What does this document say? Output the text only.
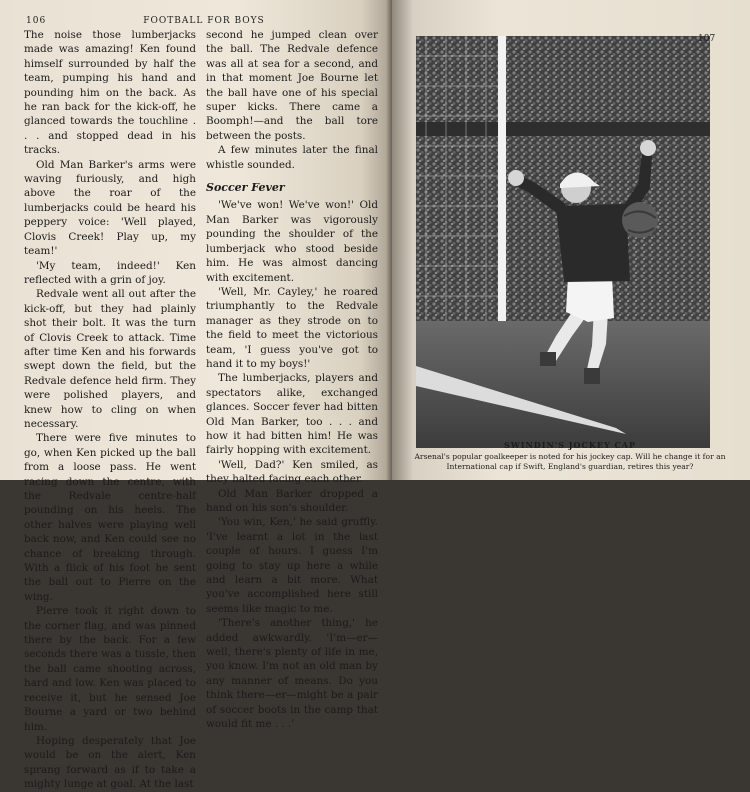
106	FOOTBALL FOR BOYS

The noise those lumberjacks made was amazing! Ken found himself surrounded by half the team, pumping his hand and pounding him on the back. As he ran back for the kick-off, he glanced towards the touchline . . . and stopped dead in his tracks.

Old Man Barker's arms were waving furiously, and high above the roar of the lumberjacks could be heard his peppery voice: 'Well played, Clovis Creek! Play up, my team!'

'My team, indeed!' Ken reflected with a grin of joy.

Redvale went all out after the kick-off, but they had plainly shot their bolt. It was the turn of Clovis Creek to attack. Time after time Ken and his forwards swept down the field, but the Redvale defence held firm. They were polished players, and knew how to cling on when necessary.

There were five minutes to go, when Ken picked up the ball from a loose pass. He went racing down the centre, with the Redvale centre-half pounding on his heels. The other halves were playing well back now, and Ken could see no chance of breaking through. With a flick of his foot he sent the ball out to Pierre on the wing.

Pierre took it right down to the corner flag, and was pinned there by the back. For a few seconds there was a tussle, then the ball came shooting across, hard and low. Ken was placed to receive it, but he sensed Joe Bourne a yard or two behind him.

Hoping desperately that Joe would be on the alert, Ken sprang forward as if to take a mighty lunge at goal. At the last

second he jumped clean over the ball. The Redvale defence was all at sea for a second, and in that moment Joe Bourne let the ball have one of his special super kicks. There came a Boomph!—and the ball tore between the posts.

A few minutes later the final whistle sounded.

Soccer Fever

'We've won! We've won!' Old Man Barker was vigorously pounding the shoulder of the lumberjack who stood beside him. He was almost dancing with excitement.

'Well, Mr. Cayley,' he roared triumphantly to the Redvale manager as they strode on to the field to meet the victorious team, 'I guess you've got to hand it to my boys!'

The lumberjacks, players and spectators alike, exchanged glances. Soccer fever had bitten Old Man Barker, too . . . and how it had bitten him! He was fairly hopping with excitement.

'Well, Dad?' Ken smiled, as they halted facing each other.

Old Man Barker dropped a hand on his son's shoulder.

'You win, Ken,' he said gruffly. 'I've learnt a lot in the last couple of hours. I guess I'm going to stay up here a while and learn a bit more. What you've accomplished here still seems like magic to me.

'There's another thing,' he added awkwardly. 'I'm—er—well, there's plenty of life in me, you know. I'm not an old man by any manner of means. Do you think there—er—might be a pair of soccer boots in the camp that would fit me . . .'

107
SWINDIN'S JOCKEY CAP
Arsenal's popular goalkeeper is noted for his jockey cap. Will he change it for an International cap if Swift, England's guardian, retires this year?
